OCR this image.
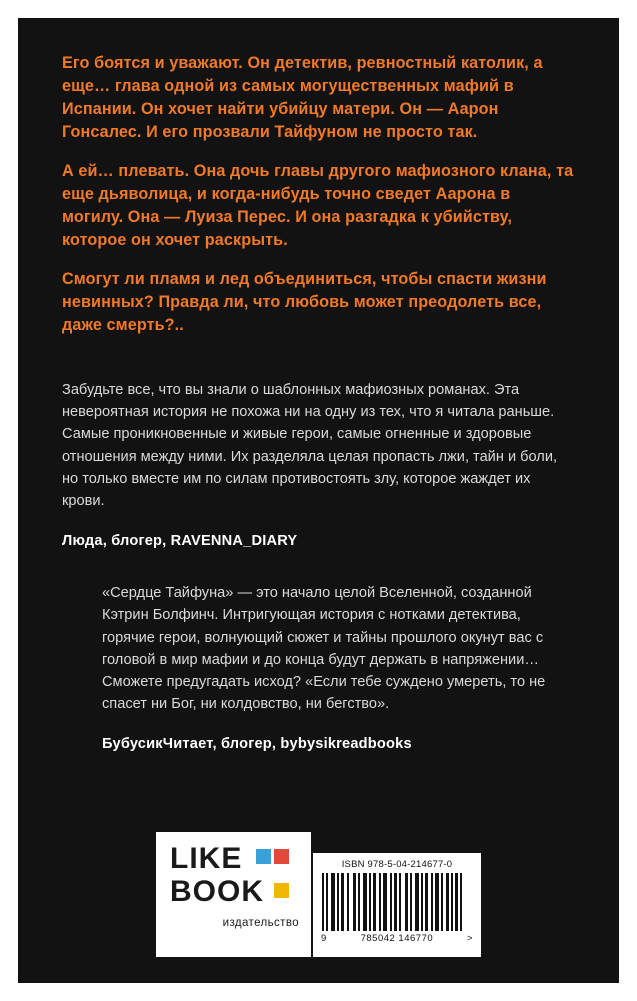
Его боятся и уважают. Он детектив, ревностный католик, а еще… глава одной из самых могущественных мафий в Испании. Он хочет найти убийцу матери. Он — Аарон Гонсалес. И его прозвали Тайфуном не просто так.

А ей… плевать. Она дочь главы другого мафиозного клана, та еще дьяволица, и когда-нибудь точно сведет Аарона в могилу. Она — Луиза Перес. И она разгадка к убийству, которое он хочет раскрыть.

Смогут ли пламя и лед объединиться, чтобы спасти жизни невинных? Правда ли, что любовь может преодолеть все, даже смерть?..

Забудьте все, что вы знали о шаблонных мафиозных романах. Эта невероятная история не похожа ни на одну из тех, что я читала раньше. Самые проникновенные и живые герои, самые огненные и здоровые отношения между ними. Их разделяла целая пропасть лжи, тайн и боли, но только вместе им по силам противостоять злу, которое жаждет их крови.

Люда, блогер, RAVENNA_DIARY

«Сердце Тайфуна» — это начало целой Вселенной, созданной Кэтрин Болфинч. Интригующая история с нотками детектива, горячие герои, волнующий сюжет и тайны прошлого окунут вас с головой в мир мафии и до конца будут держать в напряжении… Сможете предугадать исход? «Если тебе суждено умереть, то не спасет ни Бог, ни колдовство, ни бегство».

БубусикЧитает, блогер, bybysikreadbooks

LIKE
BOOK
издательство
ISBN 978-5-04-214677-0
9	785042 146770	>
